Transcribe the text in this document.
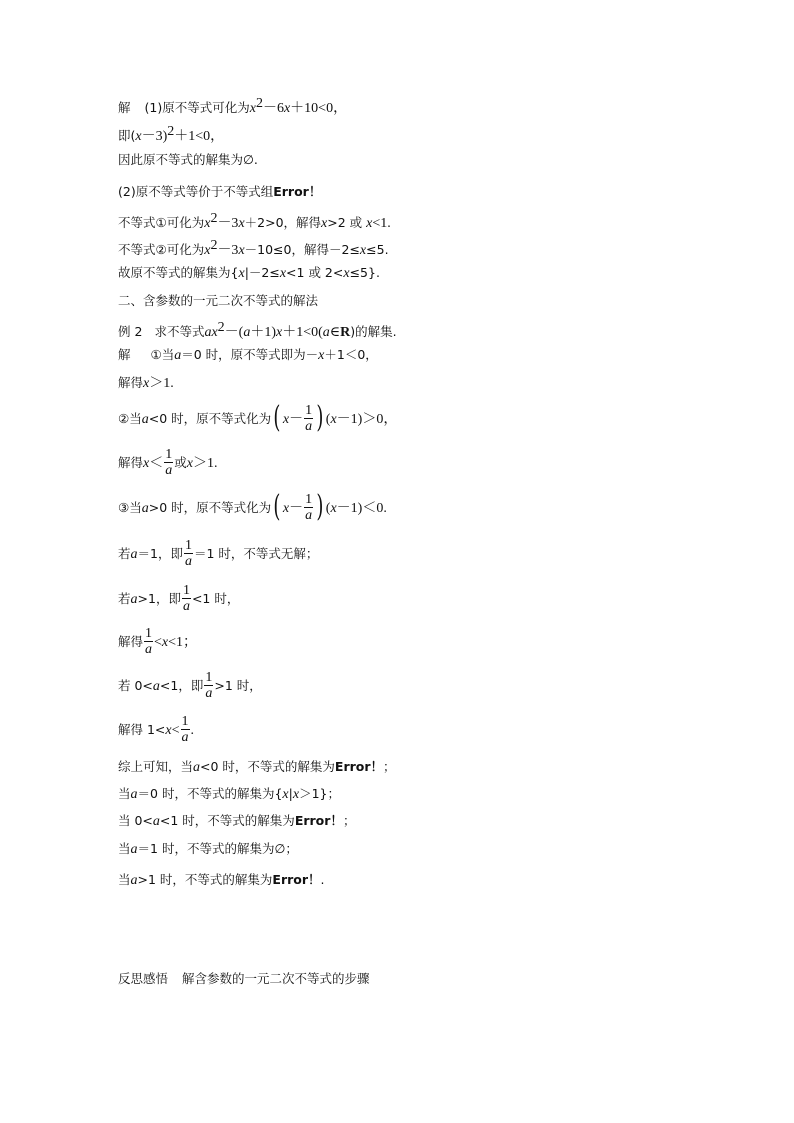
解 (1)原不等式可化为$x^2-6x+10<0$，
即$(x-3)^2+1<0$，
因此原不等式的解集为∅.
(2)原不等式等价于不等式组Error！
不等式①可化为$x^2-3x+2>0$，解得x>2 或 x<1.
不等式②可化为$x^2-3x-10\le 0$，解得－2≤x≤5.
故原不等式的解集为{x|－2≤x<1 或 2<x≤5}.
二、含参数的一元二次不等式的解法
例 2 求不等式$ax^2-(a+1)x+1<0(a\in R)$的解集.
解 ①当a＝0 时，原不等式即为－x＋1＜0，
解得x＞1.
②当a<0 时，原不等式化为( $x- \frac{1}{a}$ ) (x－1)＞0，
解得$x< \frac{1}{a}$ 或x＞1.
③当a>0 时，原不等式化为( $x- \frac{1}{a}$ ) (x－1)＜0.
若a＝1，即 $\frac{1}{a} =1$ 时，不等式无解；
若a>1，即 $\frac{1}{a} <1$ 时，
解得 $\frac{1}{a} <x<1$；
若 0<a<1，即 $\frac{1}{a} >1$ 时，
解得 $1<x< \frac{1}{a}$ .
综上可知，当a<0 时，不等式的解集为Error！；
当a＝0 时，不等式的解集为{x|x＞1}；
当 0<a<1 时，不等式的解集为Error！；
当a＝1 时，不等式的解集为∅；
当a>1 时，不等式的解集为Error！.
反思感悟 解含参数的一元二次不等式的步骤
